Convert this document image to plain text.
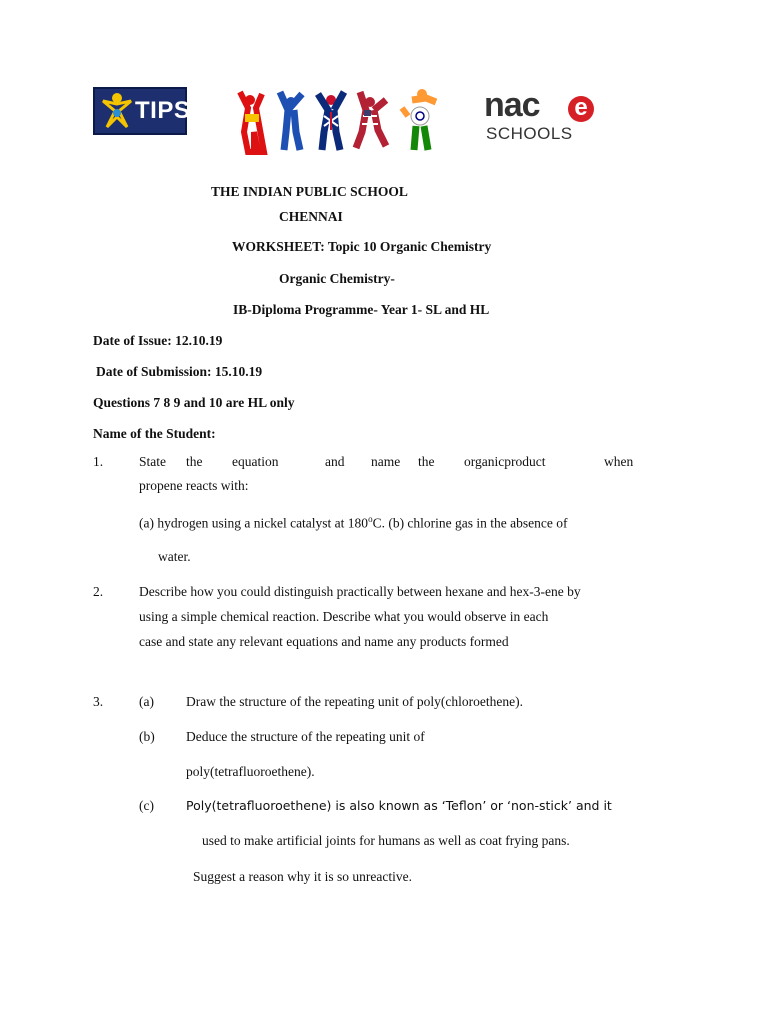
TIPS	nac e
SCHOOLS
THE INDIAN PUBLIC SCHOOL
CHENNAI
WORKSHEET: Topic 10 Organic Chemistry
Organic Chemistry-
IB-Diploma Programme- Year 1- SL and HL
Date of Issue: 12.10.19
Date of Submission: 15.10.19
Questions 7 8 9 and 10 are HL only
Name of the Student:
1.	State the equation	and name the organicproduct	when
propene reacts with:
(a) hydrogen using a nickel catalyst at 180$^o$C. (b) chlorine gas in the absence of
water.
2.	Describe how you could distinguish practically between hexane and hex-3-ene by
using a simple chemical reaction. Describe what you would observe in each
case and state any relevant equations and name any products formed
3.	(a) Draw the structure of the repeating unit of poly(chloroethene).
(b) Deduce the structure of the repeating unit of
poly(tetrafluoroethene).
(c)	Poly(tetrafluoroethene) is also known as ‘Teflon’ or ‘non-stick’ and it
used to make artificial joints for humans as well as coat frying pans.
Suggest a reason why it is so unreactive.
